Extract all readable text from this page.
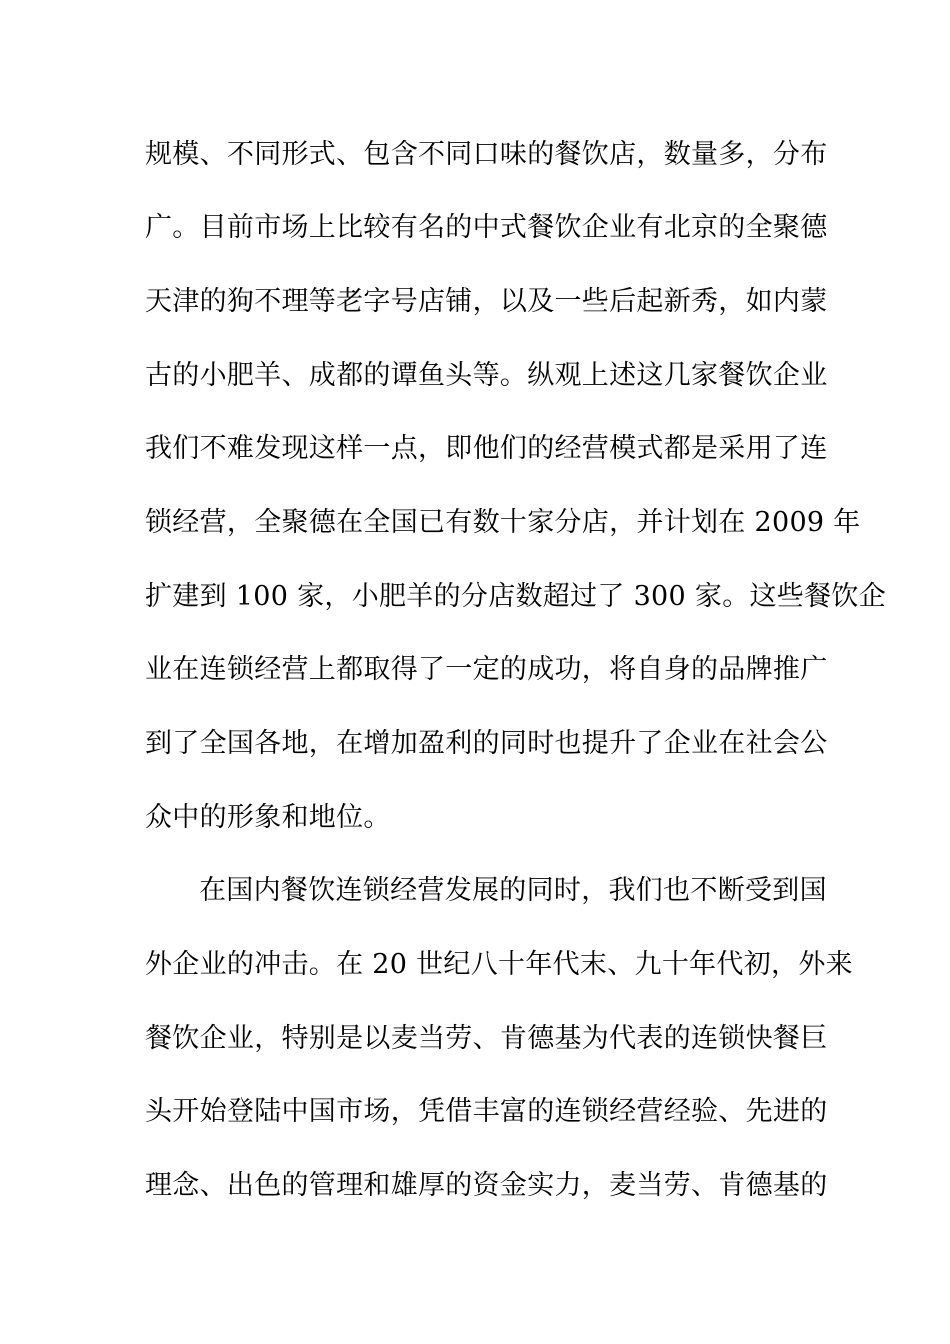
规模、不同形式、包含不同口味的餐饮店，数量多，分布
广。目前市场上比较有名的中式餐饮企业有北京的全聚德
天津的狗不理等老字号店铺，以及一些后起新秀，如内蒙
古的小肥羊、成都的谭鱼头等。纵观上述这几家餐饮企业
我们不难发现这样一点，即他们的经营模式都是采用了连
锁经营，全聚德在全国已有数十家分店，并计划在 2009 年
扩建到 100 家，小肥羊的分店数超过了 300 家。这些餐饮企
业在连锁经营上都取得了一定的成功，将自身的品牌推广
到了全国各地，在增加盈利的同时也提升了企业在社会公
众中的形象和地位。
在国内餐饮连锁经营发展的同时，我们也不断受到国
外企业的冲击。在 20 世纪八十年代末、九十年代初，外来
餐饮企业，特别是以麦当劳、肯德基为代表的连锁快餐巨
头开始登陆中国市场，凭借丰富的连锁经营经验、先进的
理念、出色的管理和雄厚的资金实力，麦当劳、肯德基的
